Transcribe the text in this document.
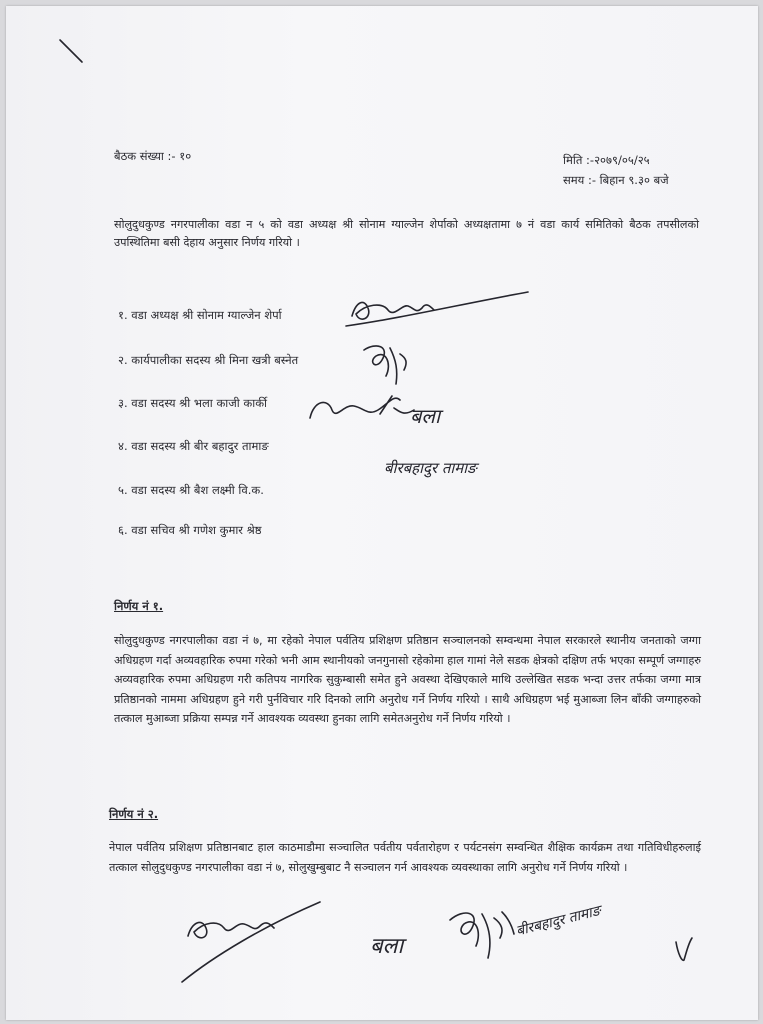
बैठक संख्या :- १०	मिति :-२०७९/०५/२५
समय :- बिहान ९.३० बजे
सोलुदुधकुण्ड नगरपालीका वडा न ५ को वडा अध्यक्ष श्री सोनाम ग्याल्जेन शेर्पाको अध्यक्षतामा ७ नं वडा कार्य समितिको बैठक तपसीलको उपस्थितिमा बसी देहाय अनुसार निर्णय गरियो ।
१. वडा अध्यक्ष श्री सोनाम ग्याल्जेन शेर्पा
२. कार्यपालीका सदस्य श्री मिना खत्री बस्नेत
३. वडा सदस्य श्री भला काजी कार्की
४. वडा सदस्य श्री बीर बहादुर तामाङ
५. वडा सदस्य श्री बैश लक्ष्मी वि.क.
६. वडा सचिव श्री गणेश कुमार श्रेष्ठ
बला
बीरबहादुर तामाङ
निर्णय नं १.
सोलुदुधकुण्ड नगरपालीका वडा नं ७, मा रहेको नेपाल पर्वतिय प्रशिक्षण प्रतिष्ठान सञ्चालनको सम्वन्धमा नेपाल सरकारले स्थानीय जनताको जग्गा अधिग्रहण गर्दा अव्यवहारिक रुपमा गरेको भनी आम स्थानीयको जनगुनासो रहेकोमा हाल गामां नेले सडक क्षेत्रको दक्षिण तर्फ भएका सम्पूर्ण जग्गाहरु अव्यवहारिक रुपमा अधिग्रहण गरी कतिपय नागरिक सुकुम्बासी समेत हुने अवस्था देखिएकाले माथि उल्लेखित सडक भन्दा उत्तर तर्फका जग्गा मात्र प्रतिष्ठानको नाममा अधिग्रहण हुने गरी पुर्नविचार गरि दिनको लागि अनुरोध गर्ने निर्णय गरियो । साथै अधिग्रहण भई मुआब्जा लिन बाँकी जग्गाहरुको तत्काल मुआब्जा प्रक्रिया सम्पन्न गर्ने आवश्यक व्यवस्था हुनका लागि समेतअनुरोध गर्ने निर्णय गरियो ।
निर्णय नं २.
नेपाल पर्वतिय प्रशिक्षण प्रतिष्ठानबाट हाल काठमाडौमा सञ्चालित पर्वतीय पर्वतारोहण र पर्यटनसंग सम्वन्धित शैक्षिक कार्यक्रम तथा गतिविधीहरुलाई तत्काल सोलुदुधकुण्ड नगरपालीका वडा नं ७, सोलुखुम्बुबाट नै सञ्चालन गर्न आवश्यक व्यवस्थाका लागि अनुरोध गर्ने निर्णय गरियो ।
बला
बीरबहादुर तामाङ
